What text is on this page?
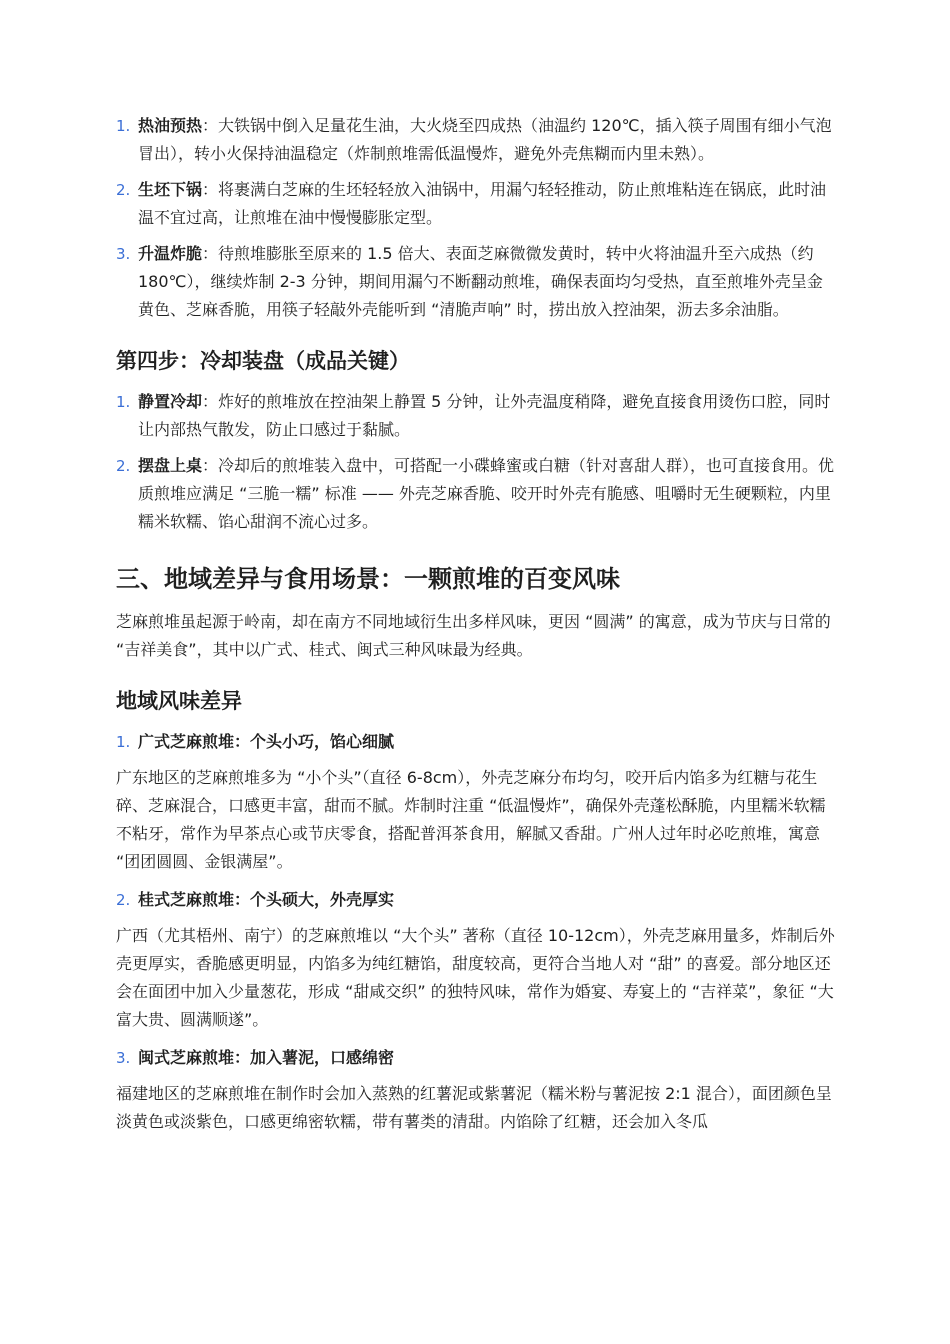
1. 热油预热：大铁锅中倒入足量花生油，大火烧至四成热（油温约 120℃，插入筷子周围有细小气泡冒出），转小火保持油温稳定（炸制煎堆需低温慢炸，避免外壳焦糊而内里未熟）。
2. 生坯下锅：将裹满白芝麻的生坯轻轻放入油锅中，用漏勺轻轻推动，防止煎堆粘连在锅底，此时油温不宜过高，让煎堆在油中慢慢膨胀定型。
3. 升温炸脆：待煎堆膨胀至原来的 1.5 倍大、表面芝麻微微发黄时，转中火将油温升至六成热（约 180℃），继续炸制 2-3 分钟，期间用漏勺不断翻动煎堆，确保表面均匀受热，直至煎堆外壳呈金黄色、芝麻香脆，用筷子轻敲外壳能听到 “清脆声响” 时，捞出放入控油架，沥去多余油脂。
第四步：冷却装盘（成品关键）
1. 静置冷却：炸好的煎堆放在控油架上静置 5 分钟，让外壳温度稍降，避免直接食用烫伤口腔，同时让内部热气散发，防止口感过于黏腻。
2. 摆盘上桌：冷却后的煎堆装入盘中，可搭配一小碟蜂蜜或白糖（针对喜甜人群），也可直接食用。优质煎堆应满足 “三脆一糯” 标准 —— 外壳芝麻香脆、咬开时外壳有脆感、咀嚼时无生硬颗粒，内里糯米软糯、馅心甜润不流心过多。
三、地域差异与食用场景：一颗煎堆的百变风味

芝麻煎堆虽起源于岭南，却在南方不同地域衍生出多样风味，更因 “圆满” 的寓意，成为节庆与日常的 “吉祥美食”，其中以广式、桂式、闽式三种风味最为经典。

地域风味差异
1. 广式芝麻煎堆：个头小巧，馅心细腻

广东地区的芝麻煎堆多为 “小个头”（直径 6-8cm），外壳芝麻分布均匀，咬开后内馅多为红糖与花生碎、芝麻混合，口感更丰富，甜而不腻。炸制时注重 “低温慢炸”，确保外壳蓬松酥脆，内里糯米软糯不粘牙，常作为早茶点心或节庆零食，搭配普洱茶食用，解腻又香甜。广州人过年时必吃煎堆，寓意 “团团圆圆、金银满屋”。

2. 桂式芝麻煎堆：个头硕大，外壳厚实

广西（尤其梧州、南宁）的芝麻煎堆以 “大个头” 著称（直径 10-12cm），外壳芝麻用量多，炸制后外壳更厚实，香脆感更明显，内馅多为纯红糖馅，甜度较高，更符合当地人对 “甜” 的喜爱。部分地区还会在面团中加入少量葱花，形成 “甜咸交织” 的独特风味，常作为婚宴、寿宴上的 “吉祥菜”，象征 “大富大贵、圆满顺遂”。

3. 闽式芝麻煎堆：加入薯泥，口感绵密

福建地区的芝麻煎堆在制作时会加入蒸熟的红薯泥或紫薯泥（糯米粉与薯泥按 2:1 混合），面团颜色呈淡黄色或淡紫色，口感更绵密软糯，带有薯类的清甜。内馅除了红糖，还会加入冬瓜
